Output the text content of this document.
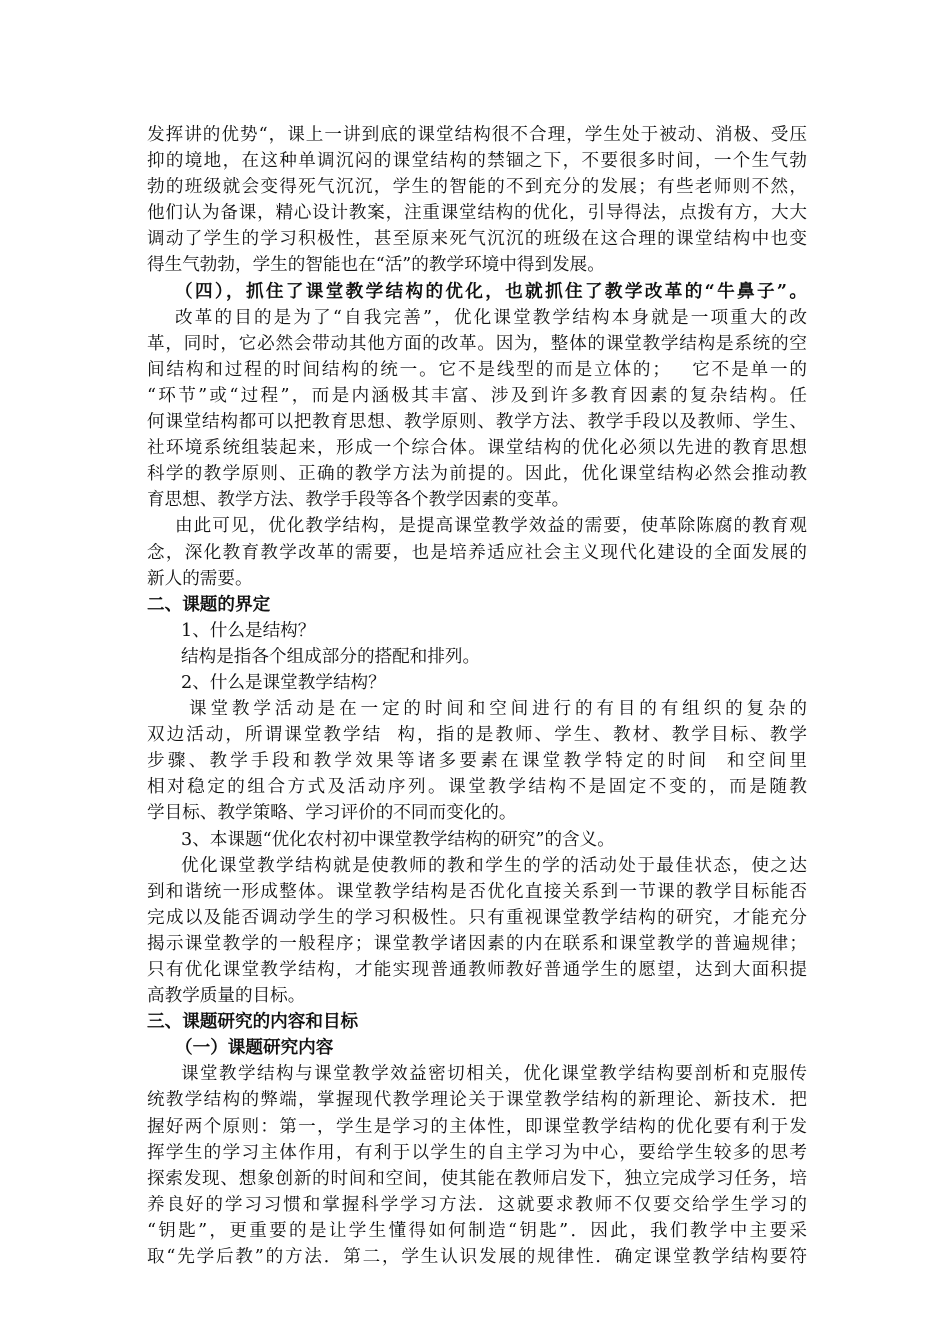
发挥讲的优势“，课上一讲到底的课堂结构很不合理，学生处于被动、消极、受压
抑的境地，在这种单调沉闷的课堂结构的禁锢之下，不要很多时间，一个生气勃
勃的班级就会变得死气沉沉，学生的智能的不到充分的发展；有些老师则不然，
他们认为备课，精心设计教案，注重课堂结构的优化，引导得法，点拨有方，大大
调动了学生的学习积极性，甚至原来死气沉沉的班级在这合理的课堂结构中也变
得生气勃勃，学生的智能也在“活”的教学环境中得到发展。
（四），抓住了课堂教学结构的优化，也就抓住了教学改革的“牛鼻子”。
改革的目的是为了“自我完善”，优化课堂教学结构本身就是一项重大的改
革，同时，它必然会带动其他方面的改革。因为，整体的课堂教学结构是系统的空
间结构和过程的时间结构的统一。它不是线型的而是立体的；   它不是单一的
“环节”或“过程”，而是内涵极其丰富、涉及到许多教育因素的复杂结构。任
何课堂结构都可以把教育思想、教学原则、教学方法、教学手段以及教师、学生、
社环境系统组装起来，形成一个综合体。课堂结构的优化必须以先进的教育思想
科学的教学原则、正确的教学方法为前提的。因此，优化课堂结构必然会推动教
育思想、教学方法、教学手段等各个教学因素的变革。
由此可见，优化教学结构，是提高课堂教学效益的需要，使革除陈腐的教育观
念，深化教育教学改革的需要，也是培养适应社会主义现代化建设的全面发展的
新人的需要。
二、课题的界定
1、什么是结构？
结构是指各个组成部分的搭配和排列。
2、什么是课堂教学结构？
课堂教学活动是在一定的时间和空间进行的有目的有组织的复杂的
双边活动，所谓课堂教学结  构，指的是教师、学生、教材、教学目标、教学
步骤、教学手段和教学效果等诸多要素在课堂教学特定的时间  和空间里
相对稳定的组合方式及活动序列。课堂教学结构不是固定不变的，而是随教
学目标、教学策略、学习评价的不同而变化的。
3、本课题“优化农村初中课堂教学结构的研究”的含义。
优化课堂教学结构就是使教师的教和学生的学的活动处于最佳状态，使之达
到和谐统一形成整体。课堂教学结构是否优化直接关系到一节课的教学目标能否
完成以及能否调动学生的学习积极性。只有重视课堂教学结构的研究，才能充分
揭示课堂教学的一般程序；课堂教学诸因素的内在联系和课堂教学的普遍规律；
只有优化课堂教学结构，才能实现普通教师教好普通学生的愿望，达到大面积提
高教学质量的目标。
三、课题研究的内容和目标
（一）课题研究内容
课堂教学结构与课堂教学效益密切相关，优化课堂教学结构要剖析和克服传
统教学结构的弊端，掌握现代教学理论关于课堂教学结构的新理论、新技术．把
握好两个原则：第一，学生是学习的主体性，即课堂教学结构的优化要有利于发
挥学生的学习主体作用，有利于以学生的自主学习为中心，要给学生较多的思考
探索发现、想象创新的时间和空间，使其能在教师启发下，独立完成学习任务，培
养良好的学习习惯和掌握科学学习方法．这就要求教师不仅要交给学生学习的
“钥匙”，更重要的是让学生懂得如何制造“钥匙”．因此，我们教学中主要采
取“先学后教”的方法．第二，学生认识发展的规律性．确定课堂教学结构要符
